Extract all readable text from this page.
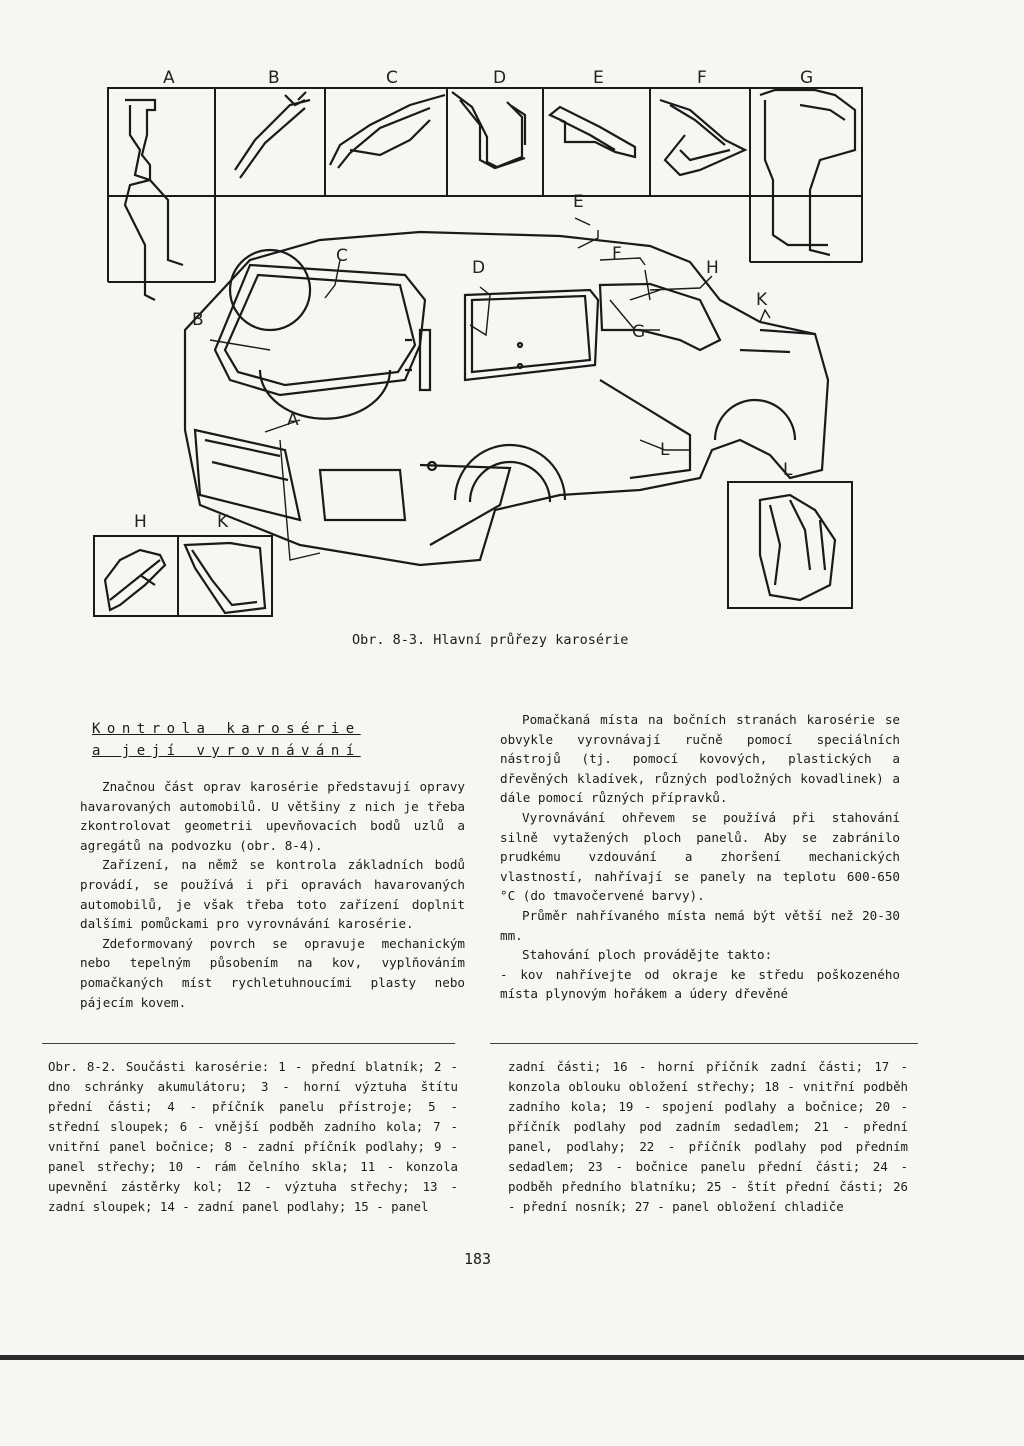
A	B	C	D	E	F	G
E
F
H
K
C
D
B
G
A
L
H	K
L
Obr. 8-3. Hlavní průřezy karosérie
Kontrola karosérie
a její vyrovnávání

Značnou část oprav karosérie představují opravy havarovaných automobilů. U většiny z nich je třeba zkontrolovat geometrii upevňovacích bodů uzlů a agregátů na podvozku (obr. 8-4).

Zařízení, na němž se kontrola základních bodů provádí, se používá i při opravách havarovaných automobilů, je však třeba toto zařízení doplnit dalšími pomůckami pro vyrovnávání karosérie.

Zdeformovaný povrch se opravuje mechanickým nebo tepelným působením na kov, vyplňováním pomačkaných míst rychletuhnoucími plasty nebo pájecím kovem.

Pomačkaná místa na bočních stranách karosérie se obvykle vyrovnávají ručně pomocí speciálních nástrojů (tj. pomocí kovových, plastických a dřevěných kladívek, různých podložných kovadlinek) a dále pomocí různých přípravků.

Vyrovnávání ohřevem se používá při stahování silně vytažených ploch panelů. Aby se zabránilo prudkému vzdouvání a zhoršení mechanických vlastností, nahřívají se panely na teplotu 600-650 °C (do tmavočervené barvy).

Průměr nahřívaného místa nemá být větší než 20-30 mm.

Stahování ploch provádějte takto:

- kov nahřívejte od okraje ke středu poškozeného místa plynovým hořákem a údery dřevěné

Obr. 8-2. Součásti karosérie: 1 - přední blatník; 2 - dno schránky akumulátoru; 3 - horní výztuha štítu přední části; 4 - příčník panelu přístroje; 5 - střední sloupek; 6 - vnější podběh zadního kola; 7 - vnitřní panel bočnice; 8 - zadní příčník podlahy; 9 - panel střechy; 10 - rám čelního skla; 11 - konzola upevnění zástěrky kol; 12 - výztuha střechy; 13 - zadní sloupek; 14 - zadní panel podlahy; 15 - panel
zadní části; 16 - horní příčník zadní části; 17 - konzola oblouku obložení střechy; 18 - vnitřní podběh zadního kola; 19 - spojení podlahy a bočnice; 20 - příčník podlahy pod zadním sedadlem; 21 - přední panel, podlahy; 22 - příčník podlahy pod předním sedadlem; 23 - bočnice panelu přední části; 24 - podběh předního blatníku; 25 - štít přední části; 26 - přední nosník; 27 - panel obložení chladiče
183
